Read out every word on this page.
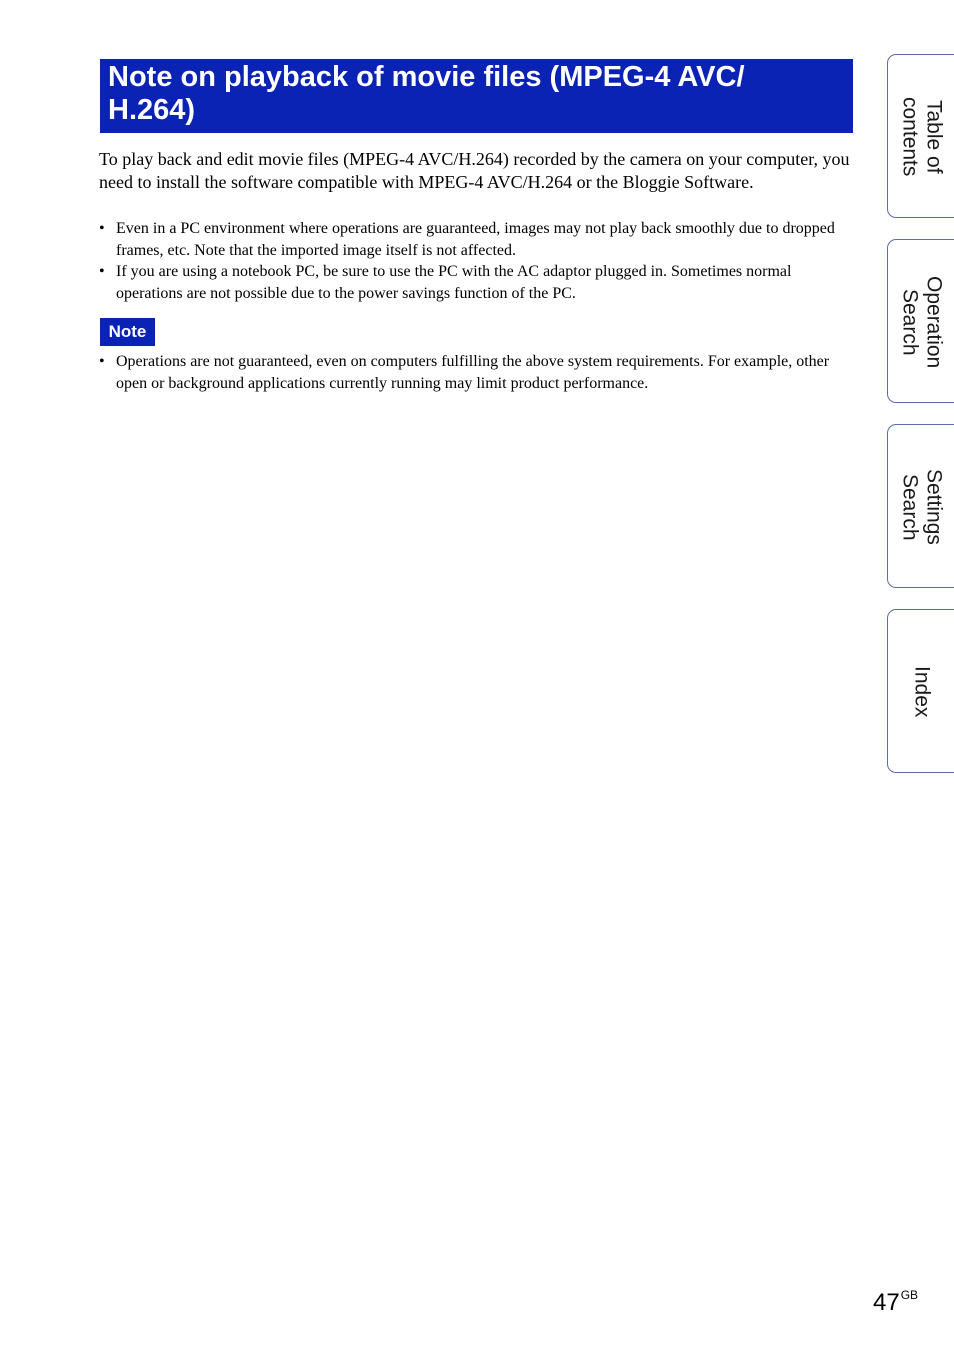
Note on playback of movie files (MPEG-4 AVC/
H.264)

To play back and edit movie files (MPEG-4 AVC/H.264) recorded by the camera on your computer, you need to install the software compatible with MPEG-4 AVC/H.264 or the Bloggie Software.

• Even in a PC environment where operations are guaranteed, images may not play back smoothly due to dropped frames, etc. Note that the imported image itself is not affected.
• If you are using a notebook PC, be sure to use the PC with the AC adaptor plugged in. Sometimes normal operations are not possible due to the power savings function of the PC.
Note
• Operations are not guaranteed, even on computers fulfilling the above system requirements. For example, other open or background applications currently running may limit product performance.
Table of
contents
Operation
Search
Settings
Search
Index
$47^{GB}$
